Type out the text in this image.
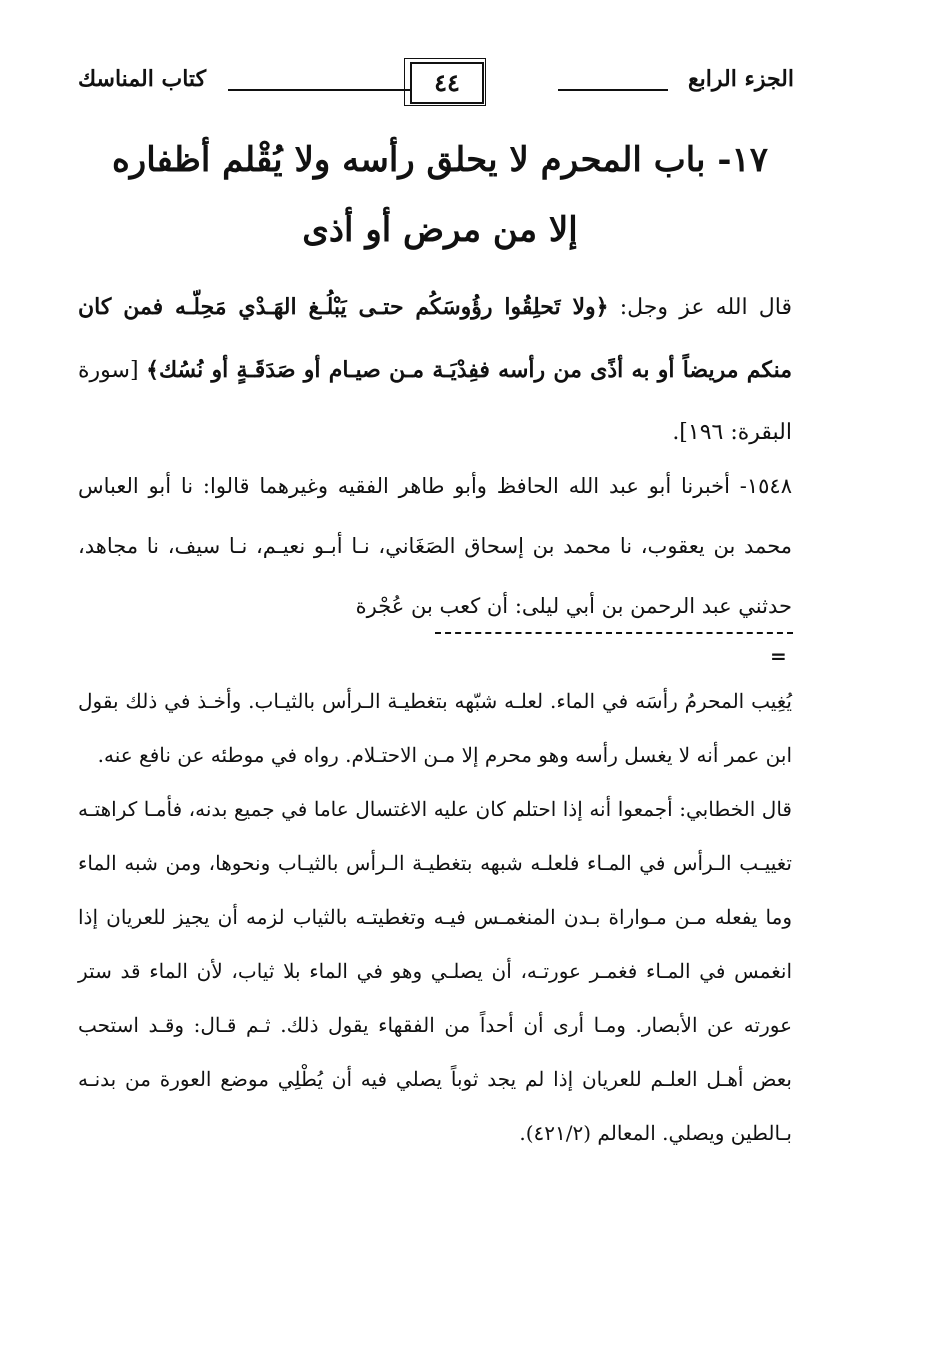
كتاب المناسك	٤٤	الجزء الرابع
١٧- باب المحرم لا يحلق رأسه ولا يُقْلم أظفاره
إلا من مرض أو أذى
قال الله عز وجل: ﴿ولا تَحلِقُوا رؤُوسَكُم حتـى يَبْلُـغ الهَـدْي مَحِلّـه فمن كان منكم مريضاً أو به أذًى من رأسه ففِدْيَـة مـن صيـام أو صَدَقَـةٍ أو نُسُك﴾ [سورة البقرة: ١٩٦].
١٥٤٨- أخبرنا أبو عبد الله الحافظ وأبو طاهر الفقيه وغيرهما قالوا: نا أبو العباس محمد بن يعقوب، نا محمد بن إسحاق الصَغَاني، نـا أبـو نعيـم، نـا سيف، نا مجاهد، حدثني عبد الرحمن بن أبي ليلى: أن كعب بن عُجْرة
=

يُغِيب المحرمُ رأسَه في الماء. لعلـه شبّهه بتغطيـة الـرأس بالثيـاب. وأخـذ في ذلك بقول ابن عمر أنه لا يغسل رأسه وهو محرم إلا مـن الاحتـلام. رواه في موطئه عن نافع عنه.

قال الخطابي: أجمعوا أنه إذا احتلم كان عليه الاغتسال عاما في جميع بدنه، فأمـا كراهتـه تغييـب الـرأس في المـاء فلعلـه شبهه بتغطيـة الـرأس بالثيـاب ونحوها، ومن شبه الماء وما يفعله مـن مـواراة بـدن المنغمـس فيـه وتغطيتـه بالثياب لزمه أن يجيز للعريان إذا انغمس في المـاء فغمـر عورتـه، أن يصلـي وهو في الماء بلا ثياب، لأن الماء قد ستر عورته عن الأبصار. ومـا أرى أن أحداً من الفقهاء يقول ذلك. ثـم قـال: وقـد استحب بعض أهـل العلـم للعريان إذا لم يجد ثوباً يصلي فيه أن يُطْلِي موضع العورة من بدنـه بـالطين ويصلي. المعالم (٤٢١/٢).
